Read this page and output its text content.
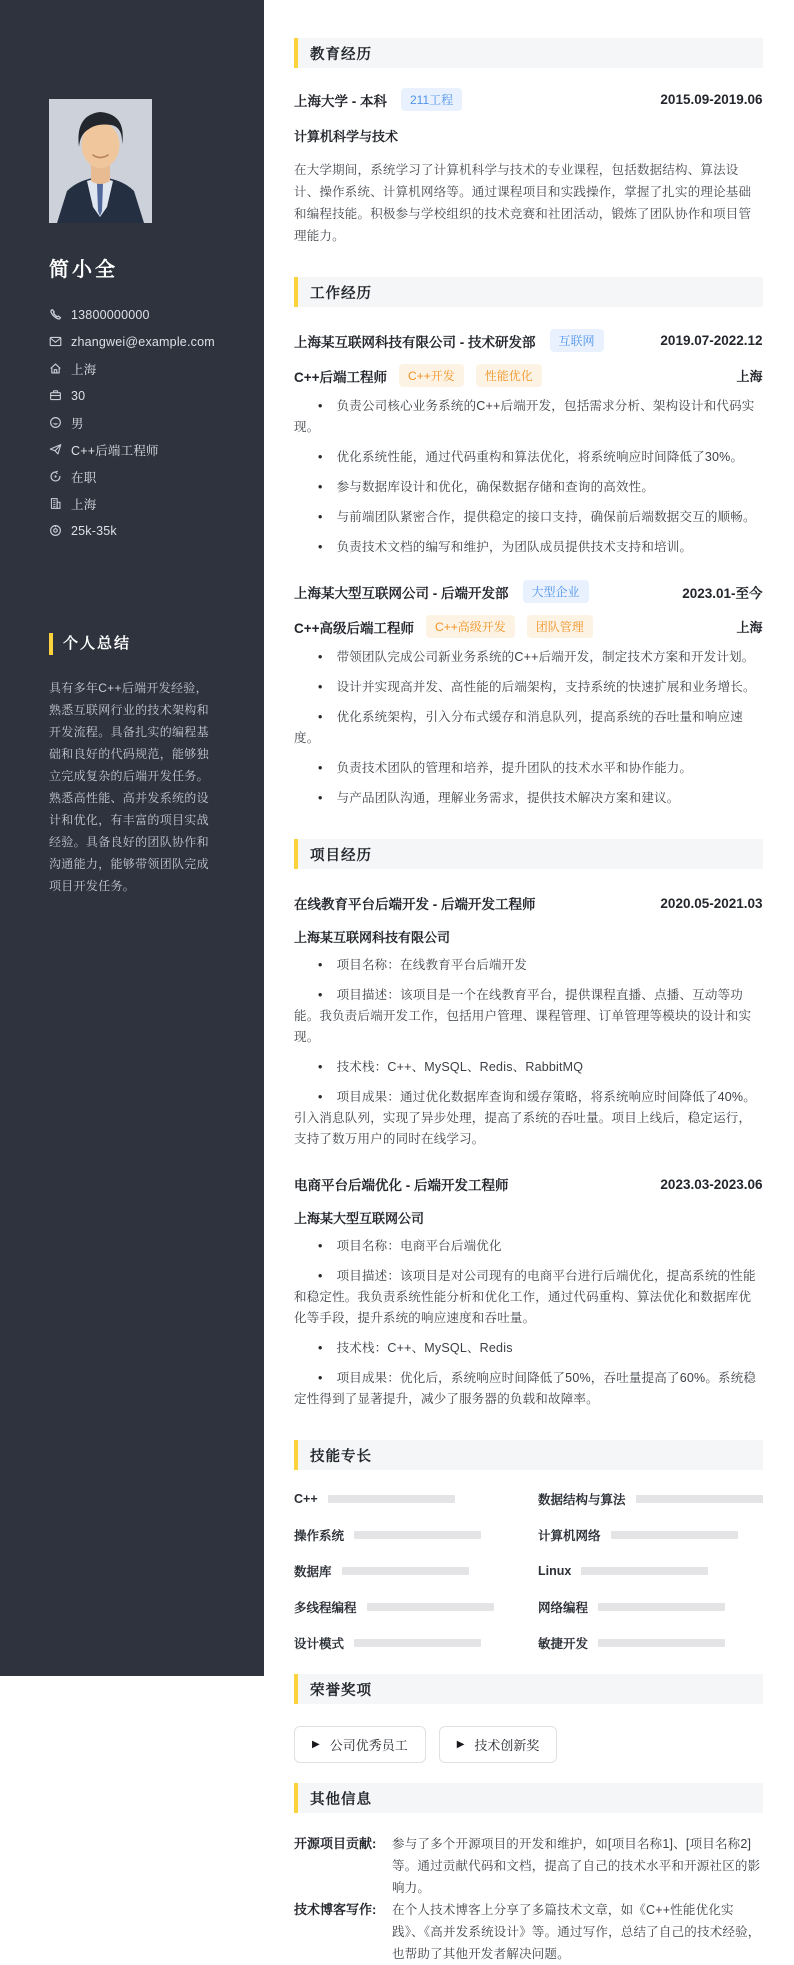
简小全
13800000000
zhangwei@example.com
上海
30
男
C++后端工程师
在职
上海
25k-35k
个人总结
具有多年C++后端开发经验，熟悉互联网行业的技术架构和开发流程。具备扎实的编程基础和良好的代码规范，能够独立完成复杂的后端开发任务。熟悉高性能、高并发系统的设计和优化，有丰富的项目实战经验。具备良好的团队协作和沟通能力，能够带领团队完成项目开发任务。
教育经历
上海大学 - 本科	211工程	2015.09-2019.06
计算机科学与技术
在大学期间，系统学习了计算机科学与技术的专业课程，包括数据结构、算法设计、操作系统、计算机网络等。通过课程项目和实践操作，掌握了扎实的理论基础和编程技能。积极参与学校组织的技术竞赛和社团活动，锻炼了团队协作和项目管理能力。
工作经历
上海某互联网科技有限公司 - 技术研发部	互联网	2019.07-2022.12
C++后端工程师	C++开发	性能优化	上海
• 负责公司核心业务系统的C++后端开发，包括需求分析、架构设计和代码实现。
• 优化系统性能，通过代码重构和算法优化，将系统响应时间降低了30%。
• 参与数据库设计和优化，确保数据存储和查询的高效性。
• 与前端团队紧密合作，提供稳定的接口支持，确保前后端数据交互的顺畅。
• 负责技术文档的编写和维护，为团队成员提供技术支持和培训。
上海某大型互联网公司 - 后端开发部	大型企业	2023.01-至今
C++高级后端工程师	C++高级开发	团队管理	上海
• 带领团队完成公司新业务系统的C++后端开发，制定技术方案和开发计划。
• 设计并实现高并发、高性能的后端架构，支持系统的快速扩展和业务增长。
• 优化系统架构，引入分布式缓存和消息队列，提高系统的吞吐量和响应速度。
• 负责技术团队的管理和培养，提升团队的技术水平和协作能力。
• 与产品团队沟通，理解业务需求，提供技术解决方案和建议。
项目经历
在线教育平台后端开发 - 后端开发工程师	2020.05-2021.03
上海某互联网科技有限公司
• 项目名称：在线教育平台后端开发
• 项目描述：该项目是一个在线教育平台，提供课程直播、点播、互动等功能。我负责后端开发工作，包括用户管理、课程管理、订单管理等模块的设计和实现。
• 技术栈：C++、MySQL、Redis、RabbitMQ
• 项目成果：通过优化数据库查询和缓存策略，将系统响应时间降低了40%。引入消息队列，实现了异步处理，提高了系统的吞吐量。项目上线后，稳定运行，支持了数万用户的同时在线学习。
电商平台后端优化 - 后端开发工程师	2023.03-2023.06
上海某大型互联网公司
• 项目名称：电商平台后端优化
• 项目描述：该项目是对公司现有的电商平台进行后端优化，提高系统的性能和稳定性。我负责系统性能分析和优化工作，通过代码重构、算法优化和数据库优化等手段，提升系统的响应速度和吞吐量。
• 技术栈：C++、MySQL、Redis
• 项目成果：优化后，系统响应时间降低了50%，吞吐量提高了60%。系统稳定性得到了显著提升，减少了服务器的负载和故障率。
技能专长
C++	数据结构与算法
操作系统	计算机网络
数据库	Linux
多线程编程	网络编程
设计模式	敏捷开发
荣誉奖项
▶ 公司优秀员工	▶ 技术创新奖
其他信息
开源项目贡献:	参与了多个开源项目的开发和维护，如[项目名称1]、[项目名称2]等。通过贡献代码和文档，提高了自己的技术水平和开源社区的影响力。
技术博客写作:	在个人技术博客上分享了多篇技术文章，如《C++性能优化实践》、《高并发系统设计》等。通过写作，总结了自己的技术经验，也帮助了其他开发者解决问题。
